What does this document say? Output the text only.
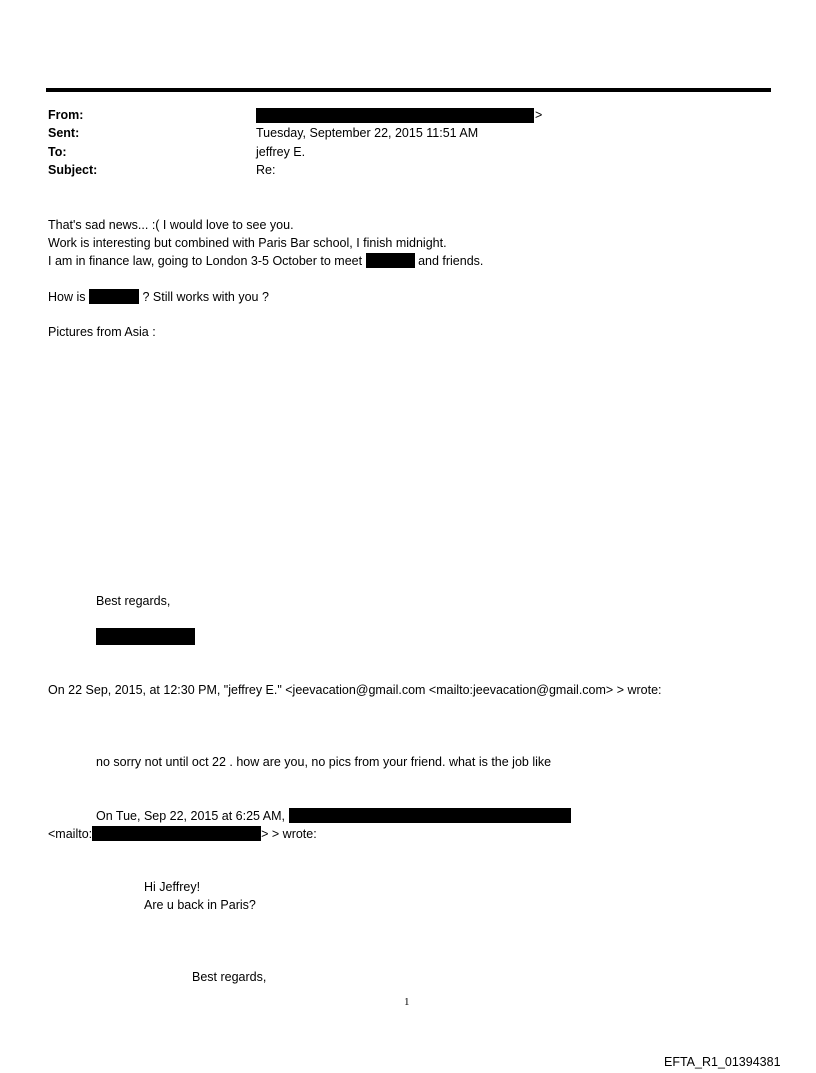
From:	>
Sent:	Tuesday, September 22, 2015 11:51 AM
To:	jeffrey E.
Subject:	Re:
That's sad news... :( I would love to see you.
Work is interesting but combined with Paris Bar school, I finish midnight.
I am in finance law, going to London 3-5 October to meet	and friends.
How is	? Still works with you ?
Pictures from Asia :
Best regards,
On 22 Sep, 2015, at 12:30 PM, "jeffrey E." <jeevacation@gmail.com <mailto:jeevacation@gmail.com> > wrote:
no sorry not until oct 22 . how are you, no pics from your friend. what is the job like
On Tue, Sep 22, 2015 at 6:25 AM,
<mailto:	> > wrote:
Hi Jeffrey!
Are u back in Paris?
Best regards,
1
EFTA_R1_01394381
